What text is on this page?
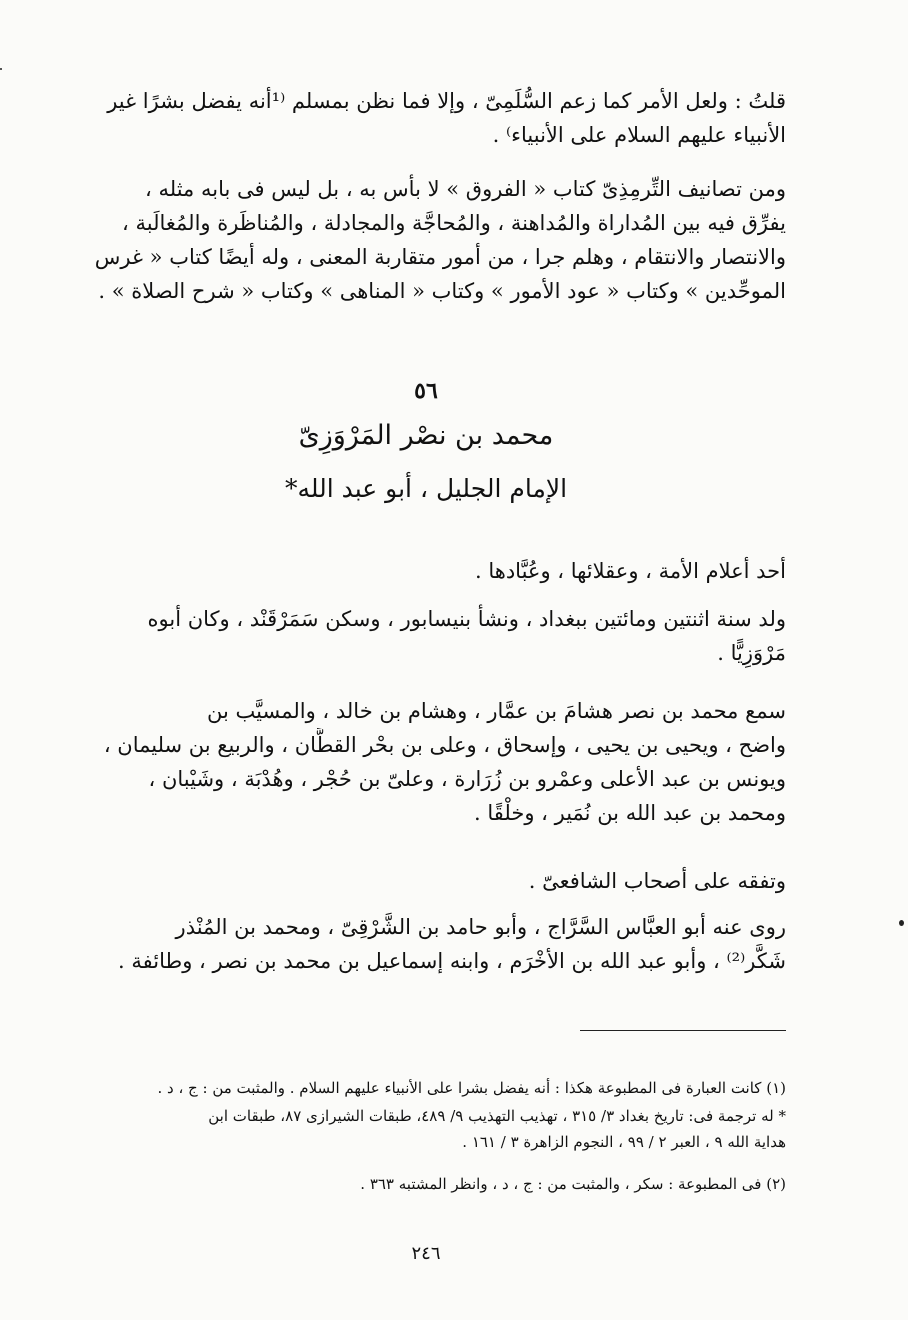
قلتُ : ولعل الأمر كما زعم السُّلَمِىّ ، وإلا فما نظن بمسلم ⁽¹أنه يفضل بشرًا غير
الأنبياء عليهم السلام على الأنبياء⁾ .
ومن تصانيف التِّرمِذِىّ كتاب « الفروق » لا بأس به ، بل ليس فى بابه مثله ،
يفرِّق فيه بين المُداراة والمُداهنة ، والمُحاجَّة والمجادلة ، والمُناظَرة والمُغالَبة ،
والانتصار والانتقام ، وهلم جرا ، من أمور متقاربة المعنى ، وله أيضًا كتاب « غرس
الموحِّدين » وكتاب « عود الأمور » وكتاب « المناهى » وكتاب « شرح الصلاة » .
٥٦
محمد بن نصْر المَرْوَزِىّ
الإمام الجليل ، أبو عبد الله*
أحد أعلام الأمة ، وعقلائها ، وعُبَّادها .
ولد سنة اثنتين ومائتين ببغداد ، ونشأ بنيسابور ، وسكن سَمَرْقَنْد ، وكان أبوه
مَرْوَزِيًّا .
سمع محمد بن نصر هشامَ بن عمَّار ، وهشام بن خالد ، والمسيَّب بن
واضح ، ويحيى بن يحيى ، وإسحاق ، وعلى بن بحْر القطَّان ، والربيع بن سليمان ،
ويونس بن عبد الأعلى وعمْرو بن زُرَارة ، وعلىّ بن حُجْر ، وهُدْبَة ، وشَيْبان ،
ومحمد بن عبد الله بن نُمَير ، وخلْقًا .
وتفقه على أصحاب الشافعىّ .
روى عنه أبو العبَّاس السَّرَّاج ، وأبو حامد بن الشَّرْقِىّ ، ومحمد بن المُنْذر
شَكَّر⁽²⁾ ، وأبو عبد الله بن الأخْرَم ، وابنه إسماعيل بن محمد بن نصر ، وطائفة .
(١) كانت العبارة فى المطبوعة هكذا : أنه يفضل بشرا على الأنبياء عليهم السلام . والمثبت من : ج ، د .
* له ترجمة فى: تاريخ بغداد ٣/ ٣١٥ ، تهذيب التهذيب ٩/ ٤٨٩، طبقات الشيرازى ٨٧، طبقات ابن
هداية الله ٩ ، العبر ٢ / ٩٩ ، النجوم الزاهرة ٣ / ١٦١ .
(٢) فى المطبوعة : سكر ، والمثبت من : ج ، د ، وانظر المشتبه ٣٦٣ .
٢٤٦
